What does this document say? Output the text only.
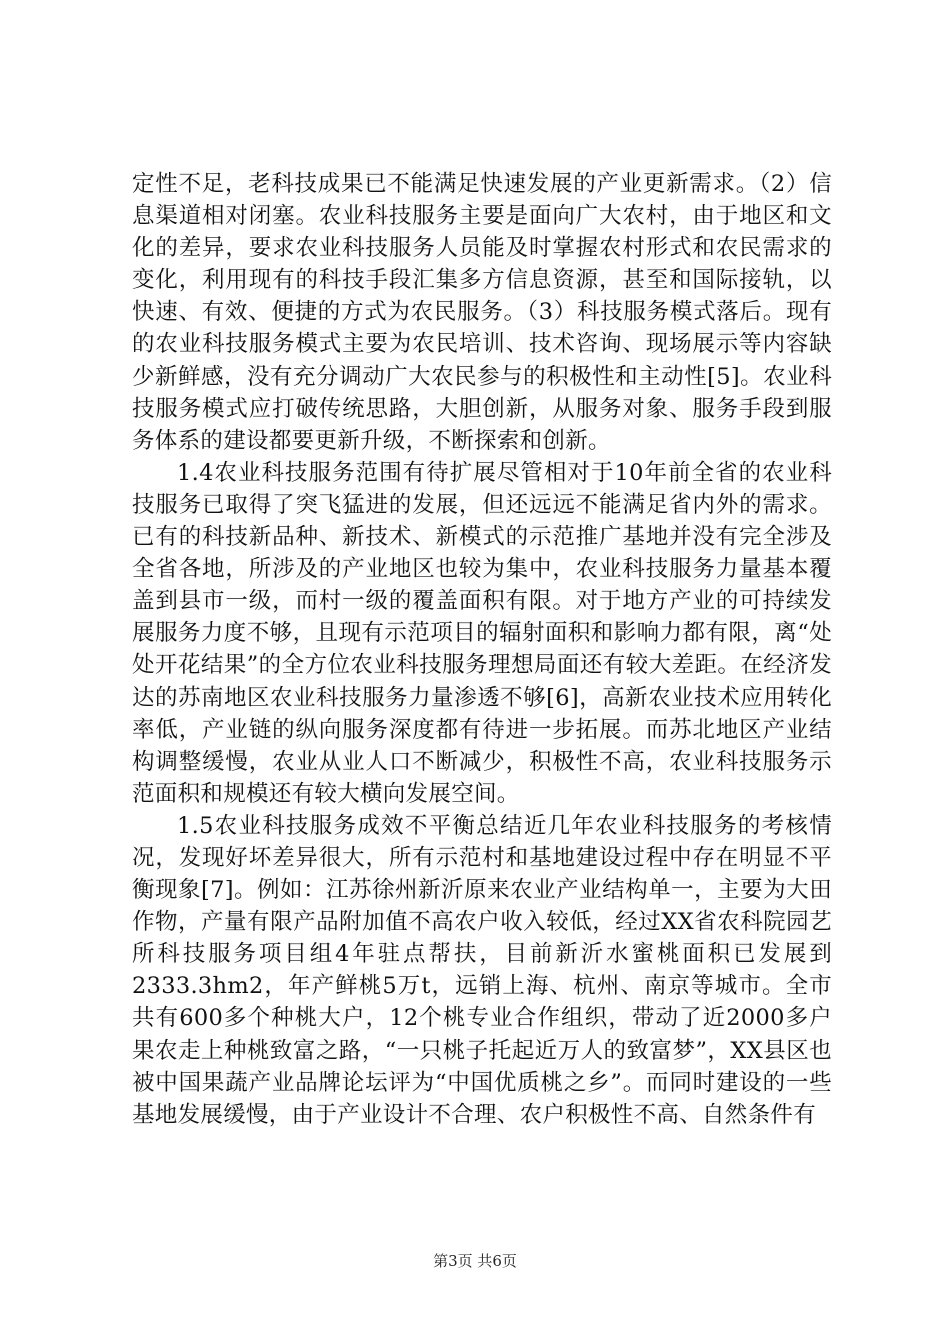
定性不足，老科技成果已不能满足快速发展的产业更新需求。（2）信息渠道相对闭塞。农业科技服务主要是面向广大农村，由于地区和文化的差异，要求农业科技服务人员能及时掌握农村形式和农民需求的变化，利用现有的科技手段汇集多方信息资源，甚至和国际接轨，以快速、有效、便捷的方式为农民服务。（3）科技服务模式落后。现有的农业科技服务模式主要为农民培训、技术咨询、现场展示等内容缺少新鲜感，没有充分调动广大农民参与的积极性和主动性[5]。农业科技服务模式应打破传统思路，大胆创新，从服务对象、服务手段到服务体系的建设都要更新升级，不断探索和创新。

1.4农业科技服务范围有待扩展尽管相对于10年前全省的农业科技服务已取得了突飞猛进的发展，但还远远不能满足省内外的需求。已有的科技新品种、新技术、新模式的示范推广基地并没有完全涉及全省各地，所涉及的产业地区也较为集中，农业科技服务力量基本覆盖到县市一级，而村一级的覆盖面积有限。对于地方产业的可持续发展服务力度不够，且现有示范项目的辐射面积和影响力都有限，离“处处开花结果”的全方位农业科技服务理想局面还有较大差距。在经济发达的苏南地区农业科技服务力量渗透不够[6]，高新农业技术应用转化率低，产业链的纵向服务深度都有待进一步拓展。而苏北地区产业结构调整缓慢，农业从业人口不断减少，积极性不高，农业科技服务示范面积和规模还有较大横向发展空间。

1.5农业科技服务成效不平衡总结近几年农业科技服务的考核情况，发现好坏差异很大，所有示范村和基地建设过程中存在明显不平衡现象[7]。例如：江苏徐州新沂原来农业产业结构单一，主要为大田作物，产量有限产品附加值不高农户收入较低，经过XX省农科院园艺所科技服务项目组4年驻点帮扶，目前新沂水蜜桃面积已发展到2333.3hm2，年产鲜桃5万t，远销上海、杭州、南京等城市。全市共有600多个种桃大户，12个桃专业合作组织，带动了近2000多户果农走上种桃致富之路，“一只桃子托起近万人的致富梦”，XX县区也被中国果蔬产业品牌论坛评为“中国优质桃之乡”。而同时建设的一些基地发展缓慢，由于产业设计不合理、农户积极性不高、自然条件有

第3页 共6页
